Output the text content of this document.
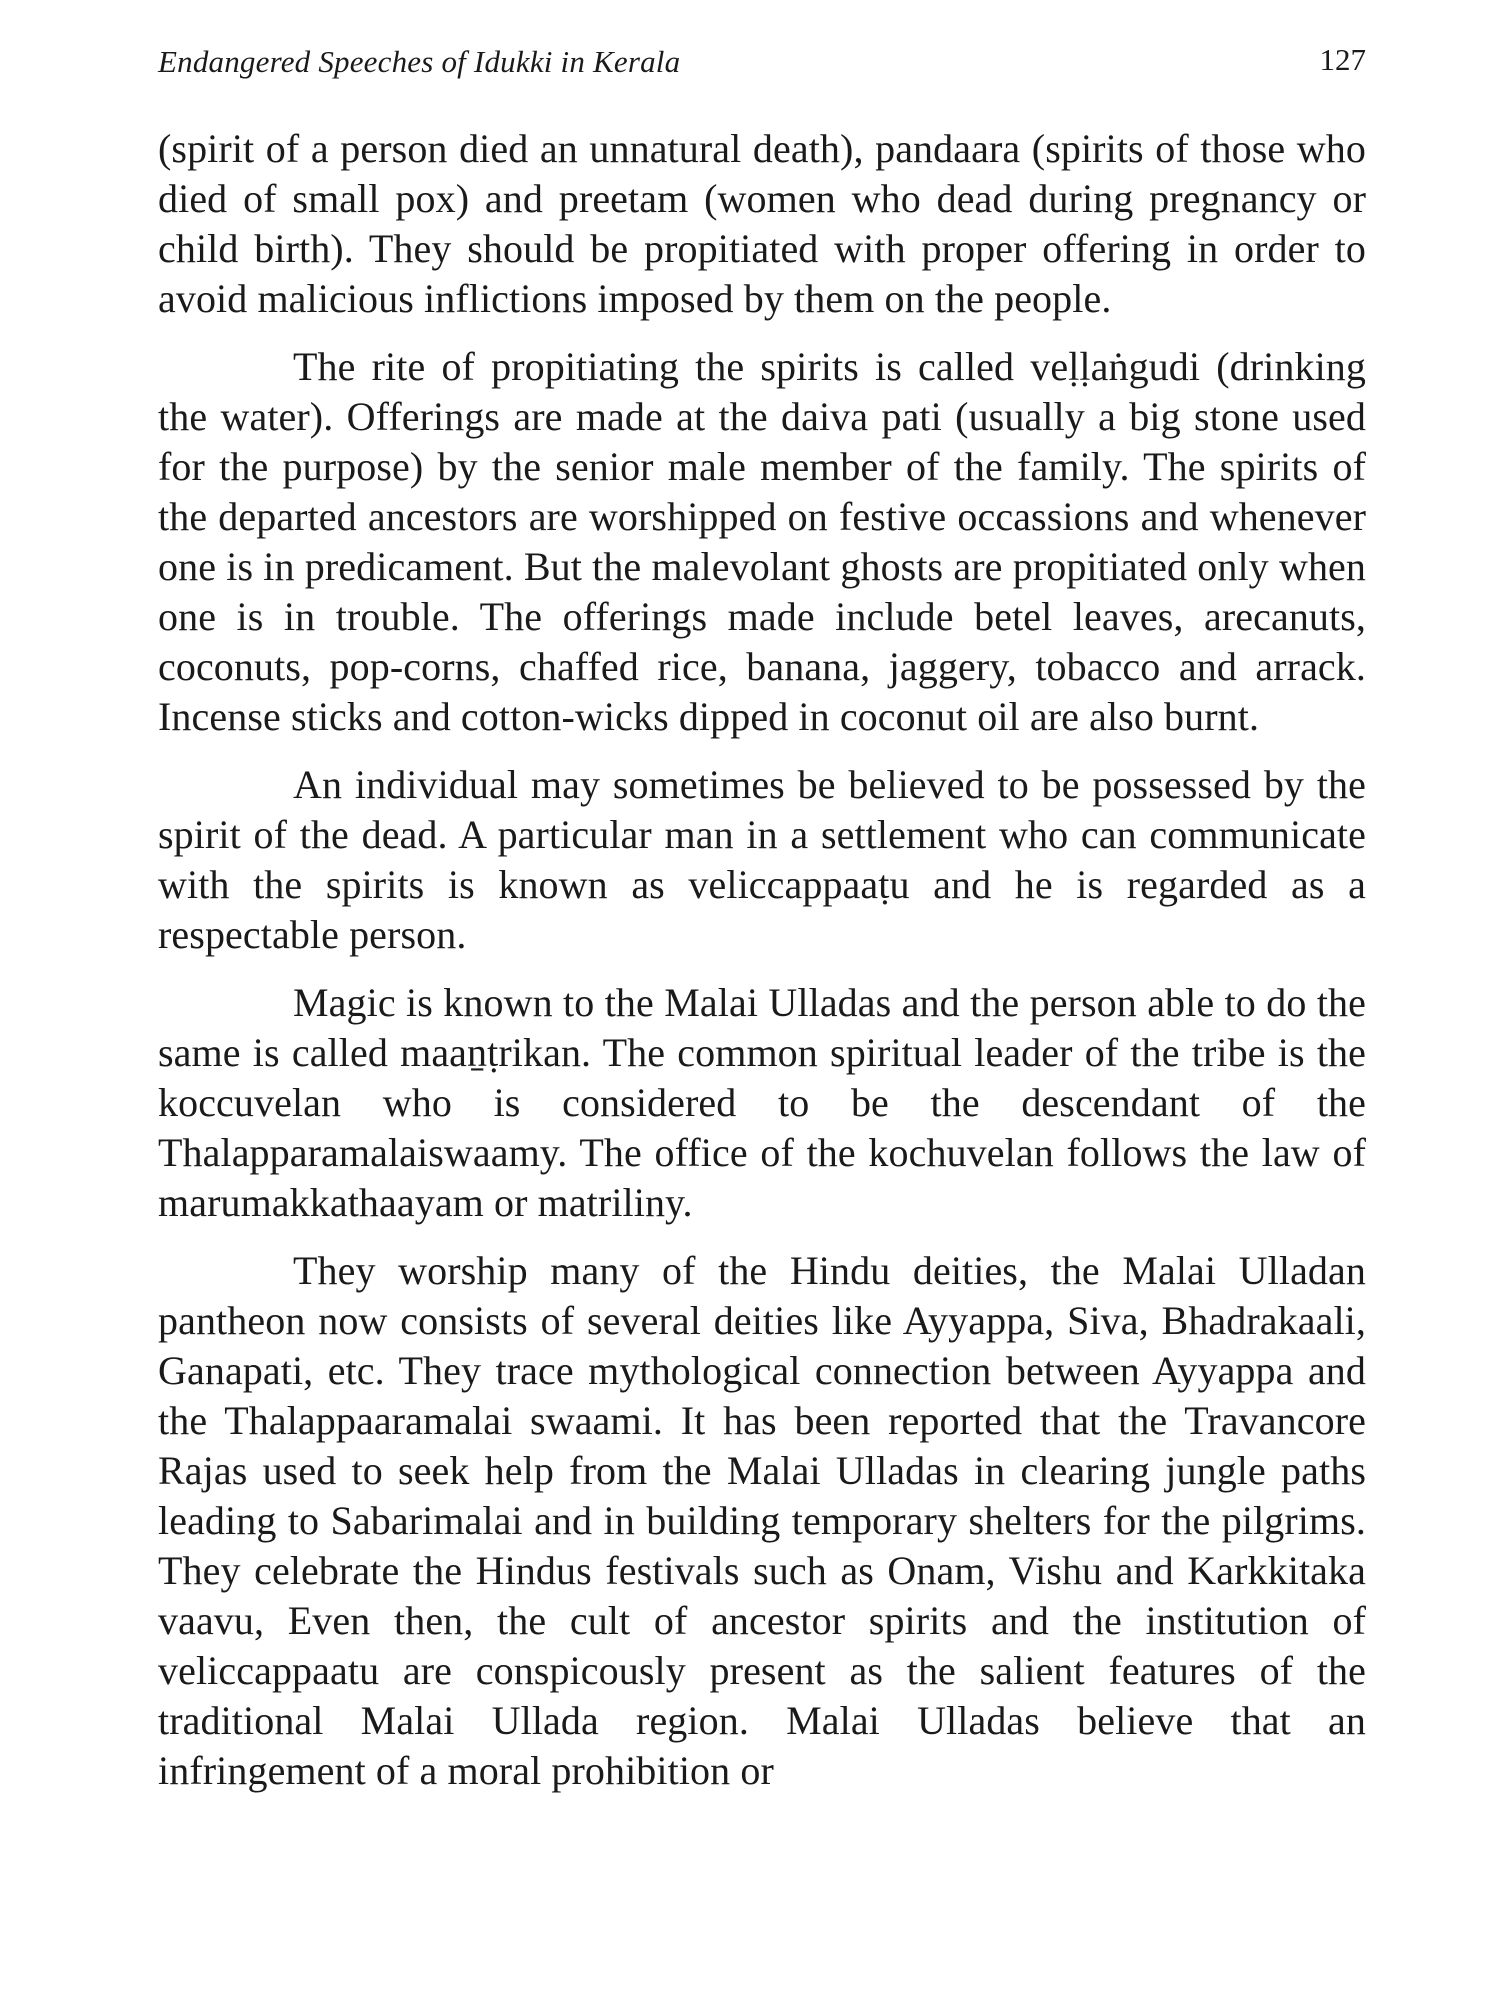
Endangered Speeches of Idukki in Kerala	127

(spirit of a person died an unnatural death), pandaara (spirits of those who died of small pox) and preetam (women who dead during pregnancy or child birth). They should be propitiated with proper offering in order to avoid malicious inflictions imposed by them on the people.

The rite of propitiating the spirits is called veḷḷaṅgudi (drinking the water). Offerings are made at the daiva pati (usually a big stone used for the purpose) by the senior male member of the family. The spirits of the departed ancestors are worshipped on festive occassions and whenever one is in predicament. But the malevolant ghosts are propitiated only when one is in trouble. The offerings made include betel leaves, arecanuts, coconuts, pop-corns, chaffed rice, banana, jaggery, tobacco and arrack. Incense sticks and cotton-wicks dipped in coconut oil are also burnt.

An individual may sometimes be believed to be possessed by the spirit of the dead. A particular man in a settlement who can communicate with the spirits is known as veliccappaaṭu and he is regarded as a respectable person.

Magic is known to the Malai Ulladas and the person able to do the same is called maaṉṭrikan. The common spiritual leader of the tribe is the koccuvelan who is considered to be the descendant of the Thalapparamalaiswaamy. The office of the kochuvelan follows the law of marumakkathaayam or matriliny.

They worship many of the Hindu deities, the Malai Ulladan pantheon now consists of several deities like Ayyappa, Siva, Bhadrakaali, Ganapati, etc. They trace mythological connection between Ayyappa and the Thalappaaramalai swaami. It has been reported that the Travancore Rajas used to seek help from the Malai Ulladas in clearing jungle paths leading to Sabarimalai and in building temporary shelters for the pilgrims. They celebrate the Hindus festivals such as Onam, Vishu and Karkkitaka vaavu, Even then, the cult of ancestor spirits and the institution of veliccappaatu are conspicously present as the salient features of the traditional Malai Ullada region. Malai Ulladas believe that an infringement of a moral prohibition or
